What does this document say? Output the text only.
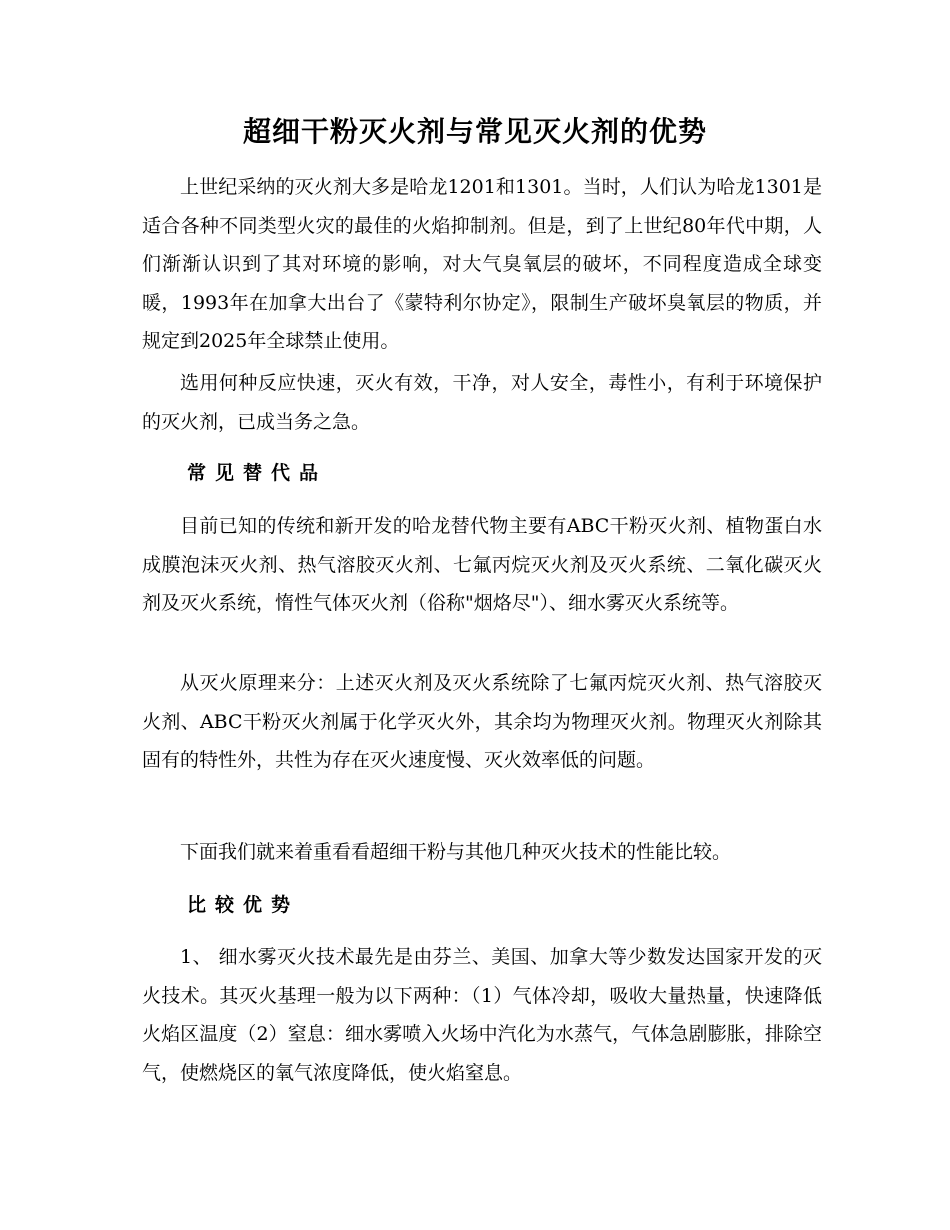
超细干粉灭火剂与常见灭火剂的优势

上世纪采纳的灭火剂大多是哈龙1201和1301。当时，人们认为哈龙1301是适合各种不同类型火灾的最佳的火焰抑制剂。但是，到了上世纪80年代中期，人们渐渐认识到了其对环境的影响，对大气臭氧层的破坏，不同程度造成全球变暖，1993年在加拿大出台了《蒙特利尔协定》，限制生产破坏臭氧层的物质，并规定到2025年全球禁止使用。

选用何种反应快速，灭火有效，干净，对人安全，毒性小，有利于环境保护的灭火剂，已成当务之急。

常见替代品

目前已知的传统和新开发的哈龙替代物主要有ABC干粉灭火剂、植物蛋白水成膜泡沫灭火剂、热气溶胶灭火剂、七氟丙烷灭火剂及灭火系统、二氧化碳灭火剂及灭火系统，惰性气体灭火剂（俗称"烟烙尽"）、细水雾灭火系统等。

从灭火原理来分：上述灭火剂及灭火系统除了七氟丙烷灭火剂、热气溶胶灭火剂、ABC干粉灭火剂属于化学灭火外，其余均为物理灭火剂。物理灭火剂除其固有的特性外，共性为存在灭火速度慢、灭火效率低的问题。

下面我们就来着重看看超细干粉与其他几种灭火技术的性能比较。

比较优势

1、 细水雾灭火技术最先是由芬兰、美国、加拿大等少数发达国家开发的灭火技术。其灭火基理一般为以下两种：（1）气体冷却，吸收大量热量，快速降低火焰区温度（2）窒息：细水雾喷入火场中汽化为水蒸气，气体急剧膨胀，排除空气，使燃烧区的氧气浓度降低，使火焰窒息。
